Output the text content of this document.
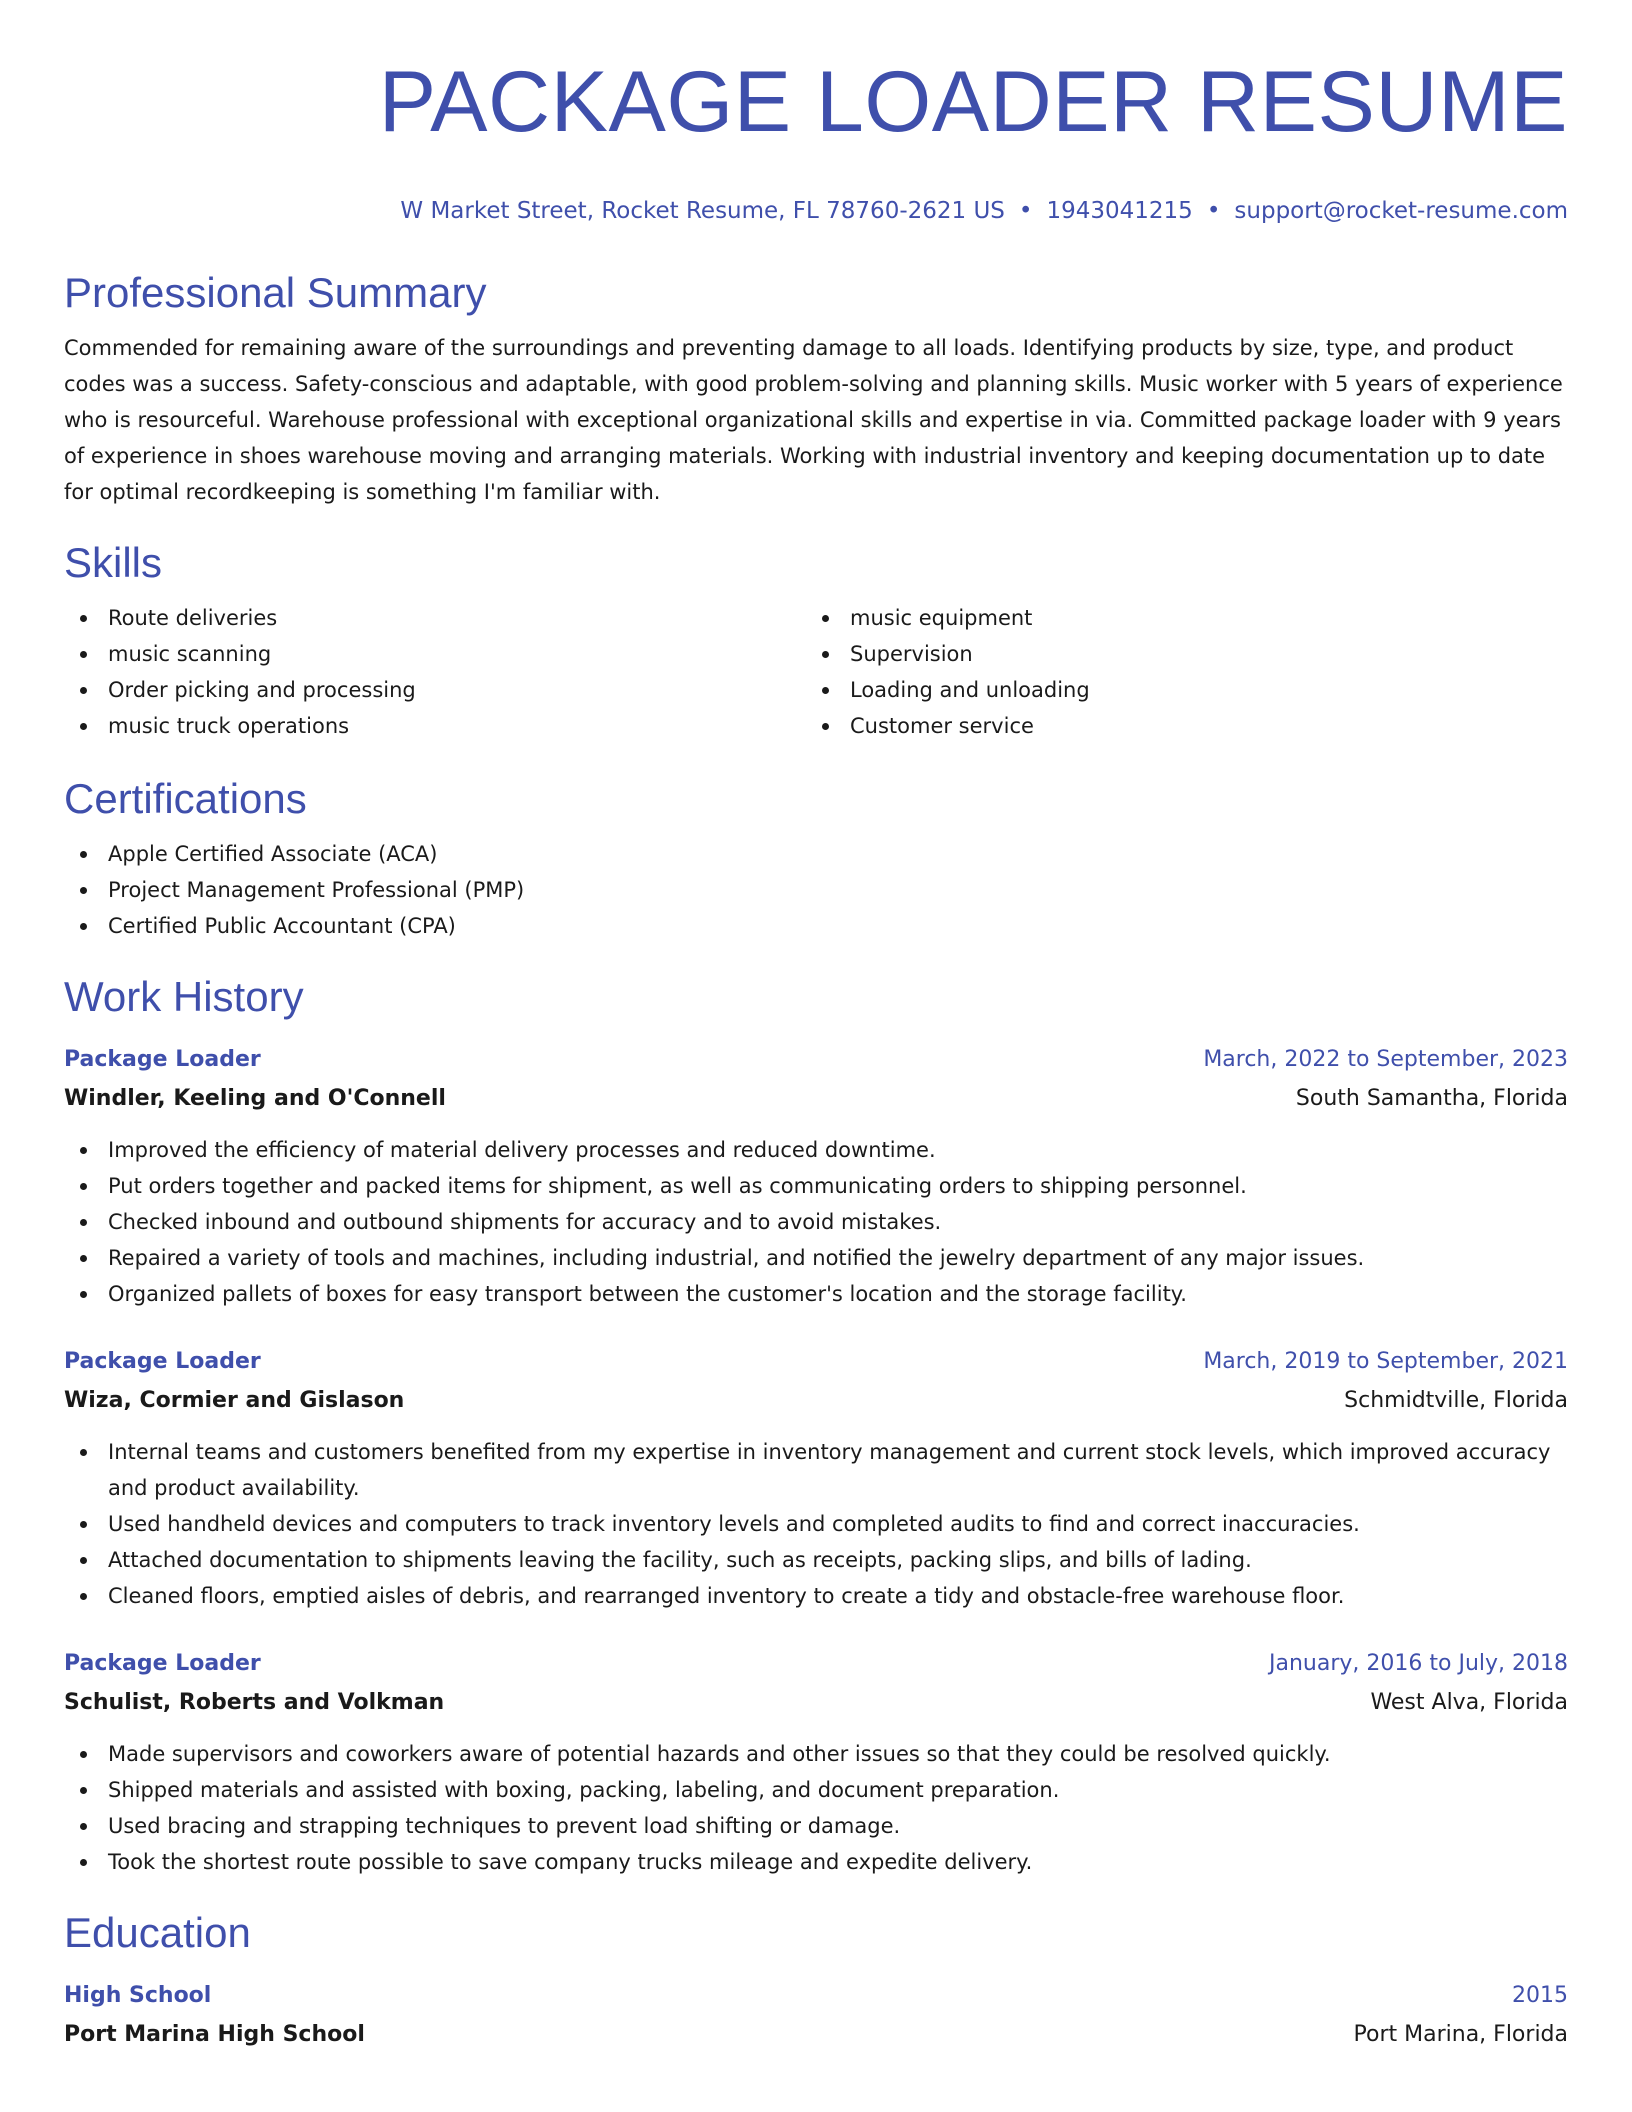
PACKAGE LOADER RESUME
W Market Street, Rocket Resume, FL 78760-2621 US • 1943041215 • support@rocket-resume.com
Professional Summary
Commended for remaining aware of the surroundings and preventing damage to all loads. Identifying products by size, type, and product codes was a success. Safety-conscious and adaptable, with good problem-solving and planning skills. Music worker with 5 years of experience who is resourceful. Warehouse professional with exceptional organizational skills and expertise in via. Committed package loader with 9 years of experience in shoes warehouse moving and arranging materials. Working with industrial inventory and keeping documentation up to date for optimal recordkeeping is something I'm familiar with.
Skills
Route deliveries
music scanning
Order picking and processing
music truck operations
music equipment
Supervision
Loading and unloading
Customer service
Certifications
Apple Certified Associate (ACA)
Project Management Professional (PMP)
Certified Public Accountant (CPA)
Work History
Package Loader	March, 2022 to September, 2023
Windler, Keeling and O'Connell	South Samantha, Florida
Improved the efficiency of material delivery processes and reduced downtime.
Put orders together and packed items for shipment, as well as communicating orders to shipping personnel.
Checked inbound and outbound shipments for accuracy and to avoid mistakes.
Repaired a variety of tools and machines, including industrial, and notified the jewelry department of any major issues.
Organized pallets of boxes for easy transport between the customer's location and the storage facility.
Package Loader	March, 2019 to September, 2021
Wiza, Cormier and Gislason	Schmidtville, Florida
Internal teams and customers benefited from my expertise in inventory management and current stock levels, which improved accuracy and product availability.
Used handheld devices and computers to track inventory levels and completed audits to find and correct inaccuracies.
Attached documentation to shipments leaving the facility, such as receipts, packing slips, and bills of lading.
Cleaned floors, emptied aisles of debris, and rearranged inventory to create a tidy and obstacle-free warehouse floor.
Package Loader	January, 2016 to July, 2018
Schulist, Roberts and Volkman	West Alva, Florida
Made supervisors and coworkers aware of potential hazards and other issues so that they could be resolved quickly.
Shipped materials and assisted with boxing, packing, labeling, and document preparation.
Used bracing and strapping techniques to prevent load shifting or damage.
Took the shortest route possible to save company trucks mileage and expedite delivery.
Education
High School	2015
Port Marina High School	Port Marina, Florida
